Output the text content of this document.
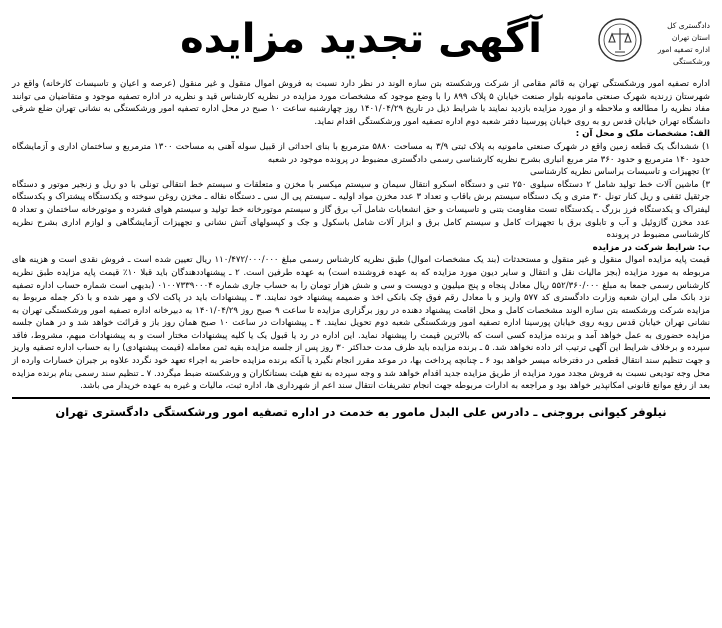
آگهی تجدید مزایده	دادگستری کل استان تهران
اداره تصفیه امور ورشکستگی

اداره تصفیه امور ورشکستگی تهران به قائم مقامی از شرکت ورشکسته بتن سازه الوند در نظر دارد نسبت به فروش اموال منقول و غیر منقول (عرصه و اعیان و تاسیسات کارخانه) واقع در شهرستان زرندیه شهرک صنعتی مامونیه بلوار صنعت خیابان ۵ پلاک ۸۹۹ را با وضع موجود که مشخصات مورد مزایده در نظریه کارشناس قید و نظریه در اداره تصفیه موجود و متقاضیان می توانند مفاد نظریه را مطالعه و ملاحظه و از مورد مزایده بازدید نمایند با شرایط ذیل در تاریخ ۱۴۰۱/۰۴/۲۹ روز چهارشنبه ساعت ۱۰ صبح در محل اداره تصفیه امور ورشکستگی به نشانی تهران ضلع شرقی دانشگاه تهران خیابان قدس رو به روی خیابان پورسینا دفتر شعبه دوم اداره تصفیه امور ورشکستگی اقدام نماید.

الف: مشخصات ملک و محل آن :

۱) ششدانگ یک قطعه زمین واقع در شهرک صنعتی مامونیه به پلاک ثبتی ۳/۹ به مساحت ۵۸۸۰ مترمربع با بنای احداثی از قبیل سوله آهنی به مساحت ۱۳۰۰ مترمربع و ساختمان اداری و آزمایشگاه حدود ۱۴۰ مترمربع و حدود ۳۶۰ متر مربع انباری بشرح نظریه کارشناسی رسمی دادگستری مضبوط در پرونده موجود در شعبه

۲) تجهیزات و تاسیسات براساس نظریه کارشناسی

۳) ماشین آلات خط تولید شامل ۲ دستگاه سیلوی ۲۵۰ تنی و دستگاه اسکرو انتقال سیمان و سیستم میکسر با مخزن و متعلقات و سیستم خط انتقالی تونلی با دو ریل و زنجیر موتور و دستگاه جرثقیل ثقفی و ریل کنار تونل ۳۰ متری و یک دستگاه سیستم برش باقاب و تعداد ۳ عدد مخزن مواد اولیه ـ سیستم پی ال سی ـ دستگاه نقاله ـ مخزن روغن سوخته و یکدستگاه پیشتراک و یکدستگاه لیفتراک و یکدستگاه فرز بزرگ ـ یکدستگاه تست مقاومت بتنی و تاسیسات و حق انشعابات شامل آب برق گاز و سیستم موتورخانه خط تولید و سیستم هوای فشرده و موتورخانه ساختمان و تعداد ۵ عدد مخزن گازوئیل و آب و تابلوی برق با تجهیزات کامل و سیستم کامل برق و ابزار آلات شامل باسکول و جک و کپسولهای آتش نشانی و تجهیزات آزمایشگاهی و لوازم اداری بشرح نظریه کارشناسی مضبوط در پرونده

ب: شرایط شرکت در مزایده

قیمت پایه مزایده اموال منقول و غیر منقول و مستحدثات (بند یک مشخصات اموال) طبق نظریه کارشناس رسمی مبلغ ۱۱۰/۴۷۲/۰۰۰/۰۰۰ ریال تعیین شده است ـ فروش نقدی است و هزینه های مربوطه به مورد مزایده (بجز مالیات نقل و انتقال و سایر دیون مورد مزایده که به عهده فروشنده است) به عهده طرفین است. ۲ ـ پیشنهاددهندگان باید قبلا ۱۰٪ قیمت پایه مزایده طبق نظریه کارشناس رسمی جمعا به مبلغ ۵۵۲/۳۶۰/۰۰۰ ریال معادل پنجاه و پنج میلیون و دویست و سی و شش هزار تومان را به حساب جاری شماره ۰۱۰۰۷۳۳۹۰۰۰۴ (بدیهی است شماره حساب اداره تصفیه نزد بانک ملی ایران شعبه وزارت دادگستری کد ۵۷۷ واریز و با معادل رقم فوق چک بانکی اخذ و ضمیمه پیشنهاد خود نمایند. ۳ ـ پیشنهادات باید در پاکت لاک و مهر شده و با ذکر جمله مربوط به مزایده شرکت ورشکسته بتن سازه الوند مشخصات کامل و محل اقامت پیشنهاد دهنده در روز برگزاری مزایده تا ساعت ۹ صبح روز ۱۴۰۱/۰۴/۲۹ به دبیرخانه اداره تصفیه امور ورشکستگی تهران به نشانی تهران خیابان قدس روبه روی خیابان پورسینا اداره تصفیه امور ورشکستگی شعبه دوم تحویل نمایند. ۴ ـ پیشنهادات در ساعت ۱۰ صبح همان روز باز و قرائت خواهد شد و در همان جلسه مزایده حضوری به عمل خواهد آمد و برنده مزایده کسی است که بالاترین قیمت را پیشنهاد نماید. این اداره در رد یا قبول یک یا کلیه پیشنهادات مختار است و به پیشنهادات مبهم، مشروط، فاقد سپرده و برخلاف شرایط این آگهی ترتیب اثر داده نخواهد شد. ۵ ـ برنده مزایده باید ظرف مدت حداکثر ۳۰ روز پس از جلسه مزایده بقیه ثمن معامله (قیمت پیشنهادی) را به حساب اداره تصفیه واریز و جهت تنظیم سند انتقال قطعی در دفترخانه میسر خواهد بود ۶ ـ چنانچه پرداخت بها، در موعد مقرر انجام نگیرد یا آنکه برنده مزایده حاضر به اجراء تعهد خود نگردد علاوه بر جبران خسارات وارده از محل وجه تودیعی نسبت به فروش مجدد مورد مزایده از طریق مزایده جدید اقدام خواهد شد و وجه سپرده به نفع هیئت بستانکاران و ورشکسته ضبط میگردد. ۷ ـ تنظیم سند رسمی بنام برنده مزایده بعد از رفع موانع قانونی امکانپذیر خواهد بود و مراجعه به ادارات مربوطه جهت انجام تشریفات انتقال سند اعم از شهرداری ها، اداره ثبت، مالیات و غیره به عهده خریدار می باشد.

نیلوفر کیوانی بروجنی ـ دادرس علی البدل مامور به خدمت در اداره تصفیه امور ورشکستگی دادگستری تهران
